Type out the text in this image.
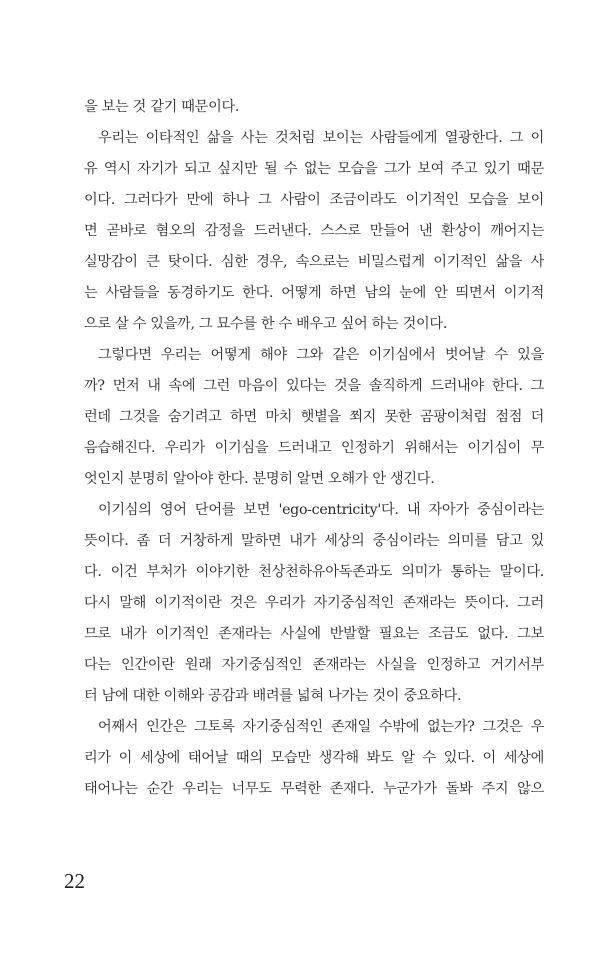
을 보는 것 같기 때문이다.
우리는 이타적인 삶을 사는 것처럼 보이는 사람들에게 열광한다. 그 이
유 역시 자기가 되고 싶지만 될 수 없는 모습을 그가 보여 주고 있기 때문
이다. 그러다가 만에 하나 그 사람이 조금이라도 이기적인 모습을 보이
면 곧바로 혐오의 감정을 드러낸다. 스스로 만들어 낸 환상이 깨어지는
실망감이 큰 탓이다. 심한 경우, 속으로는 비밀스럽게 이기적인 삶을 사
는 사람들을 동경하기도 한다. 어떻게 하면 남의 눈에 안 띄면서 이기적
으로 살 수 있을까, 그 묘수를 한 수 배우고 싶어 하는 것이다.
그렇다면 우리는 어떻게 해야 그와 같은 이기심에서 벗어날 수 있을
까? 먼저 내 속에 그런 마음이 있다는 것을 솔직하게 드러내야 한다. 그
런데 그것을 숨기려고 하면 마치 햇볕을 쬐지 못한 곰팡이처럼 점점 더
음습해진다. 우리가 이기심을 드러내고 인정하기 위해서는 이기심이 무
엇인지 분명히 알아야 한다. 분명히 알면 오해가 안 생긴다.
이기심의 영어 단어를 보면 'ego-centricity'다. 내 자아가 중심이라는
뜻이다. 좀 더 거창하게 말하면 내가 세상의 중심이라는 의미를 담고 있
다. 이건 부처가 이야기한 천상천하유아독존과도 의미가 통하는 말이다.
다시 말해 이기적이란 것은 우리가 자기중심적인 존재라는 뜻이다. 그러
므로 내가 이기적인 존재라는 사실에 반발할 필요는 조금도 없다. 그보
다는 인간이란 원래 자기중심적인 존재라는 사실을 인정하고 거기서부
터 남에 대한 이해와 공감과 배려를 넓혀 나가는 것이 중요하다.
어째서 인간은 그토록 자기중심적인 존재일 수밖에 없는가? 그것은 우
리가 이 세상에 태어날 때의 모습만 생각해 봐도 알 수 있다. 이 세상에
태어나는 순간 우리는 너무도 무력한 존재다. 누군가가 돌봐 주지 않으
22
